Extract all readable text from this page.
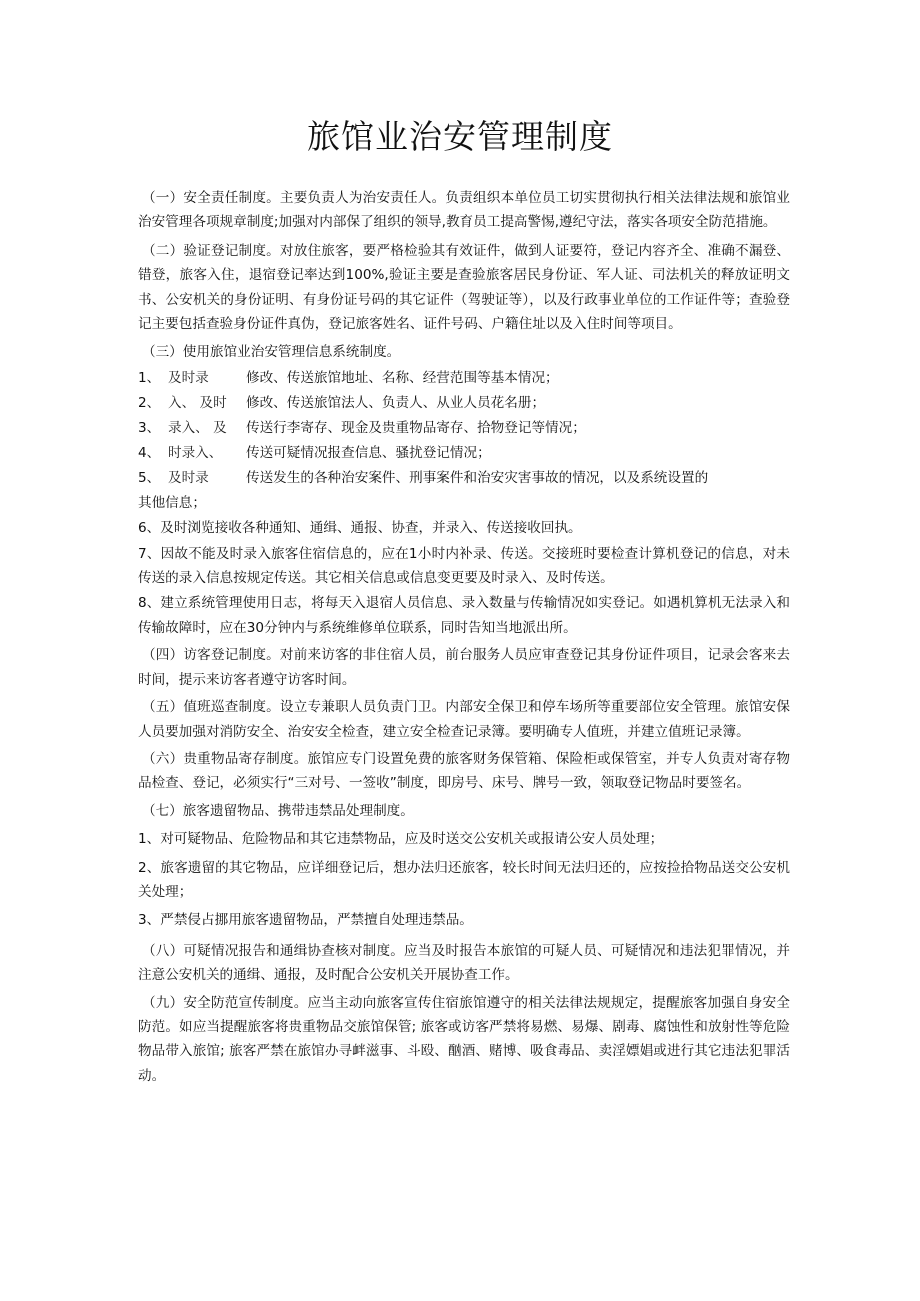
旅馆业治安管理制度

（一）安全责任制度。主要负责人为治安责任人。负责组织本单位员工切实贯彻执行相关法律法规和旅馆业治安管理各项规章制度;加强对内部保了组织的领导,教育员工提高警惕,遵纪守法，落实各项安全防范措施。

（二）验证登记制度。对放住旅客，要严格检验其有效证件，做到人证要符，登记内容齐全、准确不漏登、错登，旅客入住，退宿登记率达到100%,验证主要是查验旅客居民身份证、军人证、司法机关的释放证明文书、公安机关的身份证明、有身份证号码的其它证件（驾驶证等），以及行政事业单位的工作证件等；查验登记主要包括查验身份证件真伪，登记旅客姓名、证件号码、户籍住址以及入住时间等项目。

（三）使用旅馆业治安管理信息系统制度。

1、 及时录	修改、传送旅馆地址、名称、经营范围等基本情况；
2、 入、 及时	修改、传送旅馆法人、负责人、从业人员花名册；
3、 录入、 及	传送行李寄存、现金及贵重物品寄存、拾物登记等情况；
4、 时录入、	传送可疑情况报查信息、骚扰登记情况；
5、 及时录	传送发生的各种治安案件、刑事案件和治安灾害事故的情况，以及系统设置的

其他信息；

6、及时浏览接收各种通知、通缉、通报、协查，并录入、传送接收回执。

7、因故不能及时录入旅客住宿信息的，应在1小时内补录、传送。交接班时要检查计算机登记的信息，对未传送的录入信息按规定传送。其它相关信息或信息变更要及时录入、及时传送。

8、建立系统管理使用日志，将每天入退宿人员信息、录入数量与传输情况如实登记。如遇机算机无法录入和传输故障时，应在30分钟内与系统维修单位联系，同时告知当地派出所。

（四）访客登记制度。对前来访客的非住宿人员，前台服务人员应审查登记其身份证件项目，记录会客来去时间，提示来访客者遵守访客时间。

（五）值班巡查制度。设立专兼职人员负责门卫。内部安全保卫和停车场所等重要部位安全管理。旅馆安保人员要加强对消防安全、治安安全检查，建立安全检查记录簿。要明确专人值班，并建立值班记录簿。

（六）贵重物品寄存制度。旅馆应专门设置免费的旅客财务保管箱、保险柜或保管室，并专人负责对寄存物品检查、登记，必须实行“三对号、一签收”制度，即房号、床号、牌号一致，领取登记物品时要签名。

（七）旅客遗留物品、携带违禁品处理制度。

1、对可疑物品、危险物品和其它违禁物品，应及时送交公安机关或报请公安人员处理；

2、旅客遗留的其它物品，应详细登记后，想办法归还旅客，较长时间无法归还的，应按捡拾物品送交公安机关处理；

3、严禁侵占挪用旅客遗留物品，严禁擅自处理违禁品。

（八）可疑情况报告和通缉协查核对制度。应当及时报告本旅馆的可疑人员、可疑情况和违法犯罪情况，并注意公安机关的通缉、通报，及时配合公安机关开展协查工作。

（九）安全防范宣传制度。应当主动向旅客宣传住宿旅馆遵守的相关法律法规规定，提醒旅客加强自身安全防范。如应当提醒旅客将贵重物品交旅馆保管; 旅客或访客严禁将易燃、易爆、剧毒、腐蚀性和放射性等危险物品带入旅馆; 旅客严禁在旅馆办寻衅滋事、斗殴、酗酒、赌博、吸食毒品、卖淫嫖娼或进行其它违法犯罪活动。
